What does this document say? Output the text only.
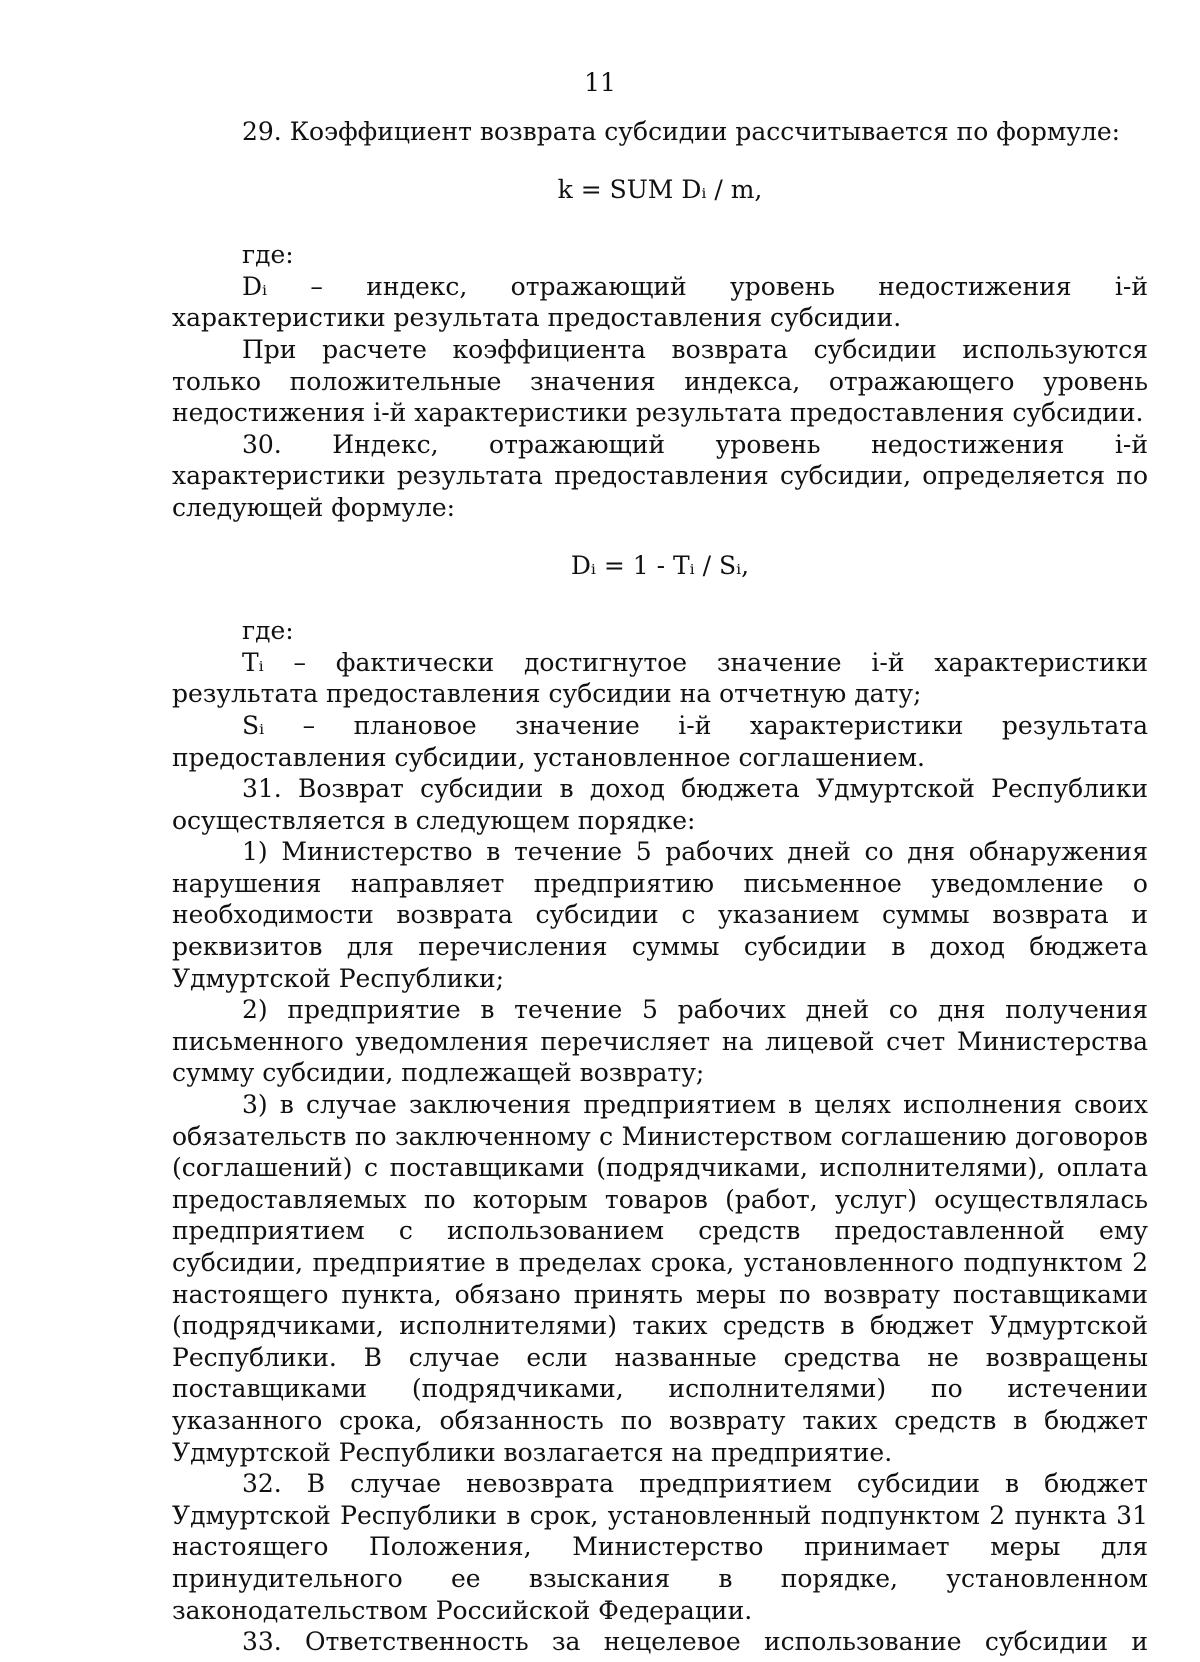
11

29. Коэффициент возврата субсидии рассчитывается по формуле:

k = SUM Dᵢ / m,

где:

Dᵢ – индекс, отражающий уровень недостижения i-й характеристики результата предоставления субсидии.

При расчете коэффициента возврата субсидии используются только положительные значения индекса, отражающего уровень недостижения i-й характеристики результата предоставления субсидии.

30. Индекс, отражающий уровень недостижения i-й характеристики результата предоставления субсидии, определяется по следующей формуле:

Dᵢ = 1 - Tᵢ / Sᵢ,

где:

Tᵢ – фактически достигнутое значение i-й характеристики результата предоставления субсидии на отчетную дату;

Sᵢ – плановое значение i-й характеристики результата предоставления субсидии, установленное соглашением.

31. Возврат субсидии в доход бюджета Удмуртской Республики осуществляется в следующем порядке:

1) Министерство в течение 5 рабочих дней со дня обнаружения нарушения направляет предприятию письменное уведомление о необходимости возврата субсидии с указанием суммы возврата и реквизитов для перечисления суммы субсидии в доход бюджета Удмуртской Республики;

2) предприятие в течение 5 рабочих дней со дня получения письменного уведомления перечисляет на лицевой счет Министерства сумму субсидии, подлежащей возврату;

3) в случае заключения предприятием в целях исполнения своих обязательств по заключенному с Министерством соглашению договоров (соглашений) с поставщиками (подрядчиками, исполнителями), оплата предоставляемых по которым товаров (работ, услуг) осуществлялась предприятием с использованием средств предоставленной ему субсидии, предприятие в пределах срока, установленного подпунктом 2 настоящего пункта, обязано принять меры по возврату поставщиками (подрядчиками, исполнителями) таких средств в бюджет Удмуртской Республики. В случае если названные средства не возвращены поставщиками (подрядчиками, исполнителями) по истечении указанного срока, обязанность по возврату таких средств в бюджет Удмуртской Республики возлагается на предприятие.

32. В случае невозврата предприятием субсидии в бюджет Удмуртской Республики в срок, установленный подпунктом 2 пункта 31 настоящего Положения, Министерство принимает меры для принудительного ее взыскания в порядке, установленном законодательством Российской Федерации.

33. Ответственность за нецелевое использование субсидии и
